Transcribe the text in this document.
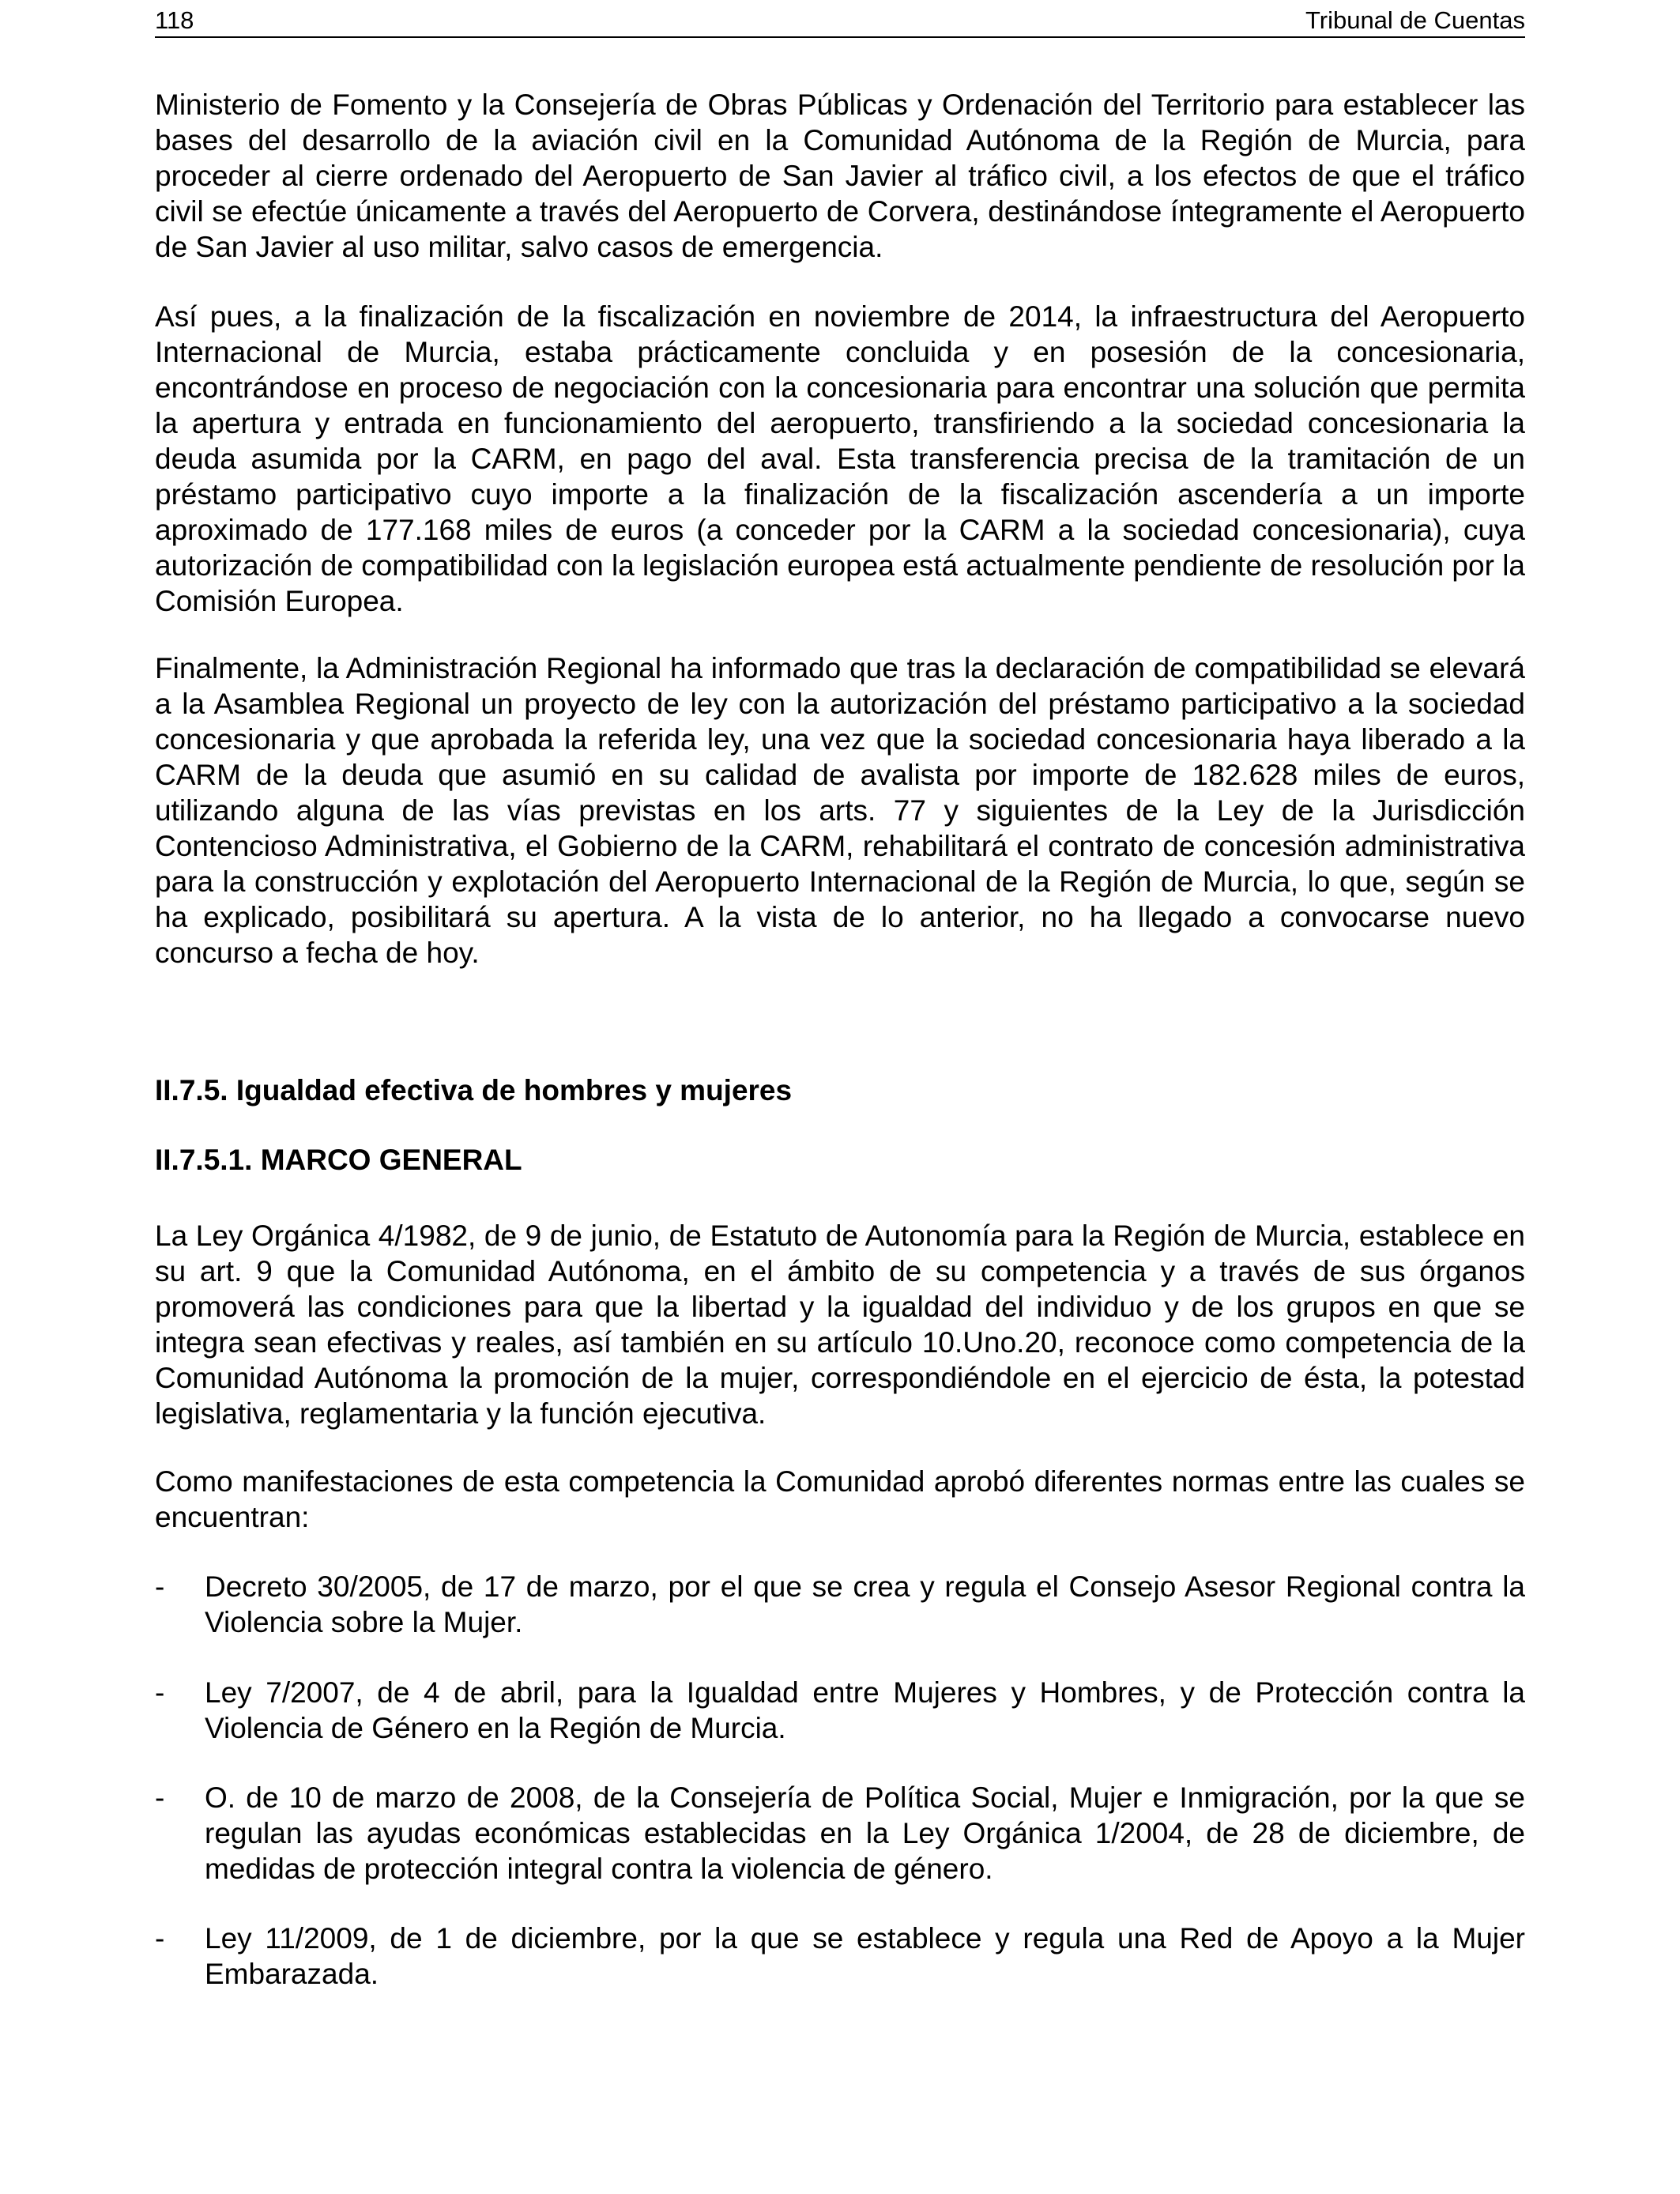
118	Tribunal de Cuentas

Ministerio de Fomento y la Consejería de Obras Públicas y Ordenación del Territorio para establecer las bases del desarrollo de la aviación civil en la Comunidad Autónoma de la Región de Murcia, para proceder al cierre ordenado del Aeropuerto de San Javier al tráfico civil, a los efectos de que el tráfico civil se efectúe únicamente a través del Aeropuerto de Corvera, destinándose íntegramente el Aeropuerto de San Javier al uso militar, salvo casos de emergencia.

Así pues, a la finalización de la fiscalización en noviembre de 2014, la infraestructura del Aeropuerto Internacional de Murcia, estaba prácticamente concluida y en posesión de la concesionaria, encontrándose en proceso de negociación con la concesionaria para encontrar una solución que permita la apertura y entrada en funcionamiento del aeropuerto, transfiriendo a la sociedad concesionaria la deuda asumida por la CARM, en pago del aval. Esta transferencia precisa de la tramitación de un préstamo participativo cuyo importe a la finalización de la fiscalización ascendería a un importe aproximado de 177.168 miles de euros (a conceder por la CARM a la sociedad concesionaria), cuya autorización de compatibilidad con la legislación europea está actualmente pendiente de resolución por la Comisión Europea.

Finalmente, la Administración Regional ha informado que tras la declaración de compatibilidad se elevará a la Asamblea Regional un proyecto de ley con la autorización del préstamo participativo a la sociedad concesionaria y que aprobada la referida ley, una vez que la sociedad concesionaria haya liberado a la CARM de la deuda que asumió en su calidad de avalista por importe de 182.628 miles de euros, utilizando alguna de las vías previstas en los arts. 77 y siguientes de la Ley de la Jurisdicción Contencioso Administrativa, el Gobierno de la CARM, rehabilitará el contrato de concesión administrativa para la construcción y explotación del Aeropuerto Internacional de la Región de Murcia, lo que, según se ha explicado, posibilitará su apertura. A la vista de lo anterior, no ha llegado a convocarse nuevo concurso a fecha de hoy.

II.7.5. Igualdad efectiva de hombres y mujeres
II.7.5.1. MARCO GENERAL

La Ley Orgánica 4/1982, de 9 de junio, de Estatuto de Autonomía para la Región de Murcia, establece en su art. 9 que la Comunidad Autónoma, en el ámbito de su competencia y a través de sus órganos promoverá las condiciones para que la libertad y la igualdad del individuo y de los grupos en que se integra sean efectivas y reales, así también en su artículo 10.Uno.20, reconoce como competencia de la Comunidad Autónoma la promoción de la mujer, correspondiéndole en el ejercicio de ésta, la potestad legislativa, reglamentaria y la función ejecutiva.

Como manifestaciones de esta competencia la Comunidad aprobó diferentes normas entre las cuales se encuentran:

- Decreto 30/2005, de 17 de marzo, por el que se crea y regula el Consejo Asesor Regional contra la Violencia sobre la Mujer.
- Ley 7/2007, de 4 de abril, para la Igualdad entre Mujeres y Hombres, y de Protección contra la Violencia de Género en la Región de Murcia.
- O. de 10 de marzo de 2008, de la Consejería de Política Social, Mujer e Inmigración, por la que se regulan las ayudas económicas establecidas en la Ley Orgánica 1/2004, de 28 de diciembre, de medidas de protección integral contra la violencia de género.
- Ley 11/2009, de 1 de diciembre, por la que se establece y regula una Red de Apoyo a la Mujer Embarazada.
